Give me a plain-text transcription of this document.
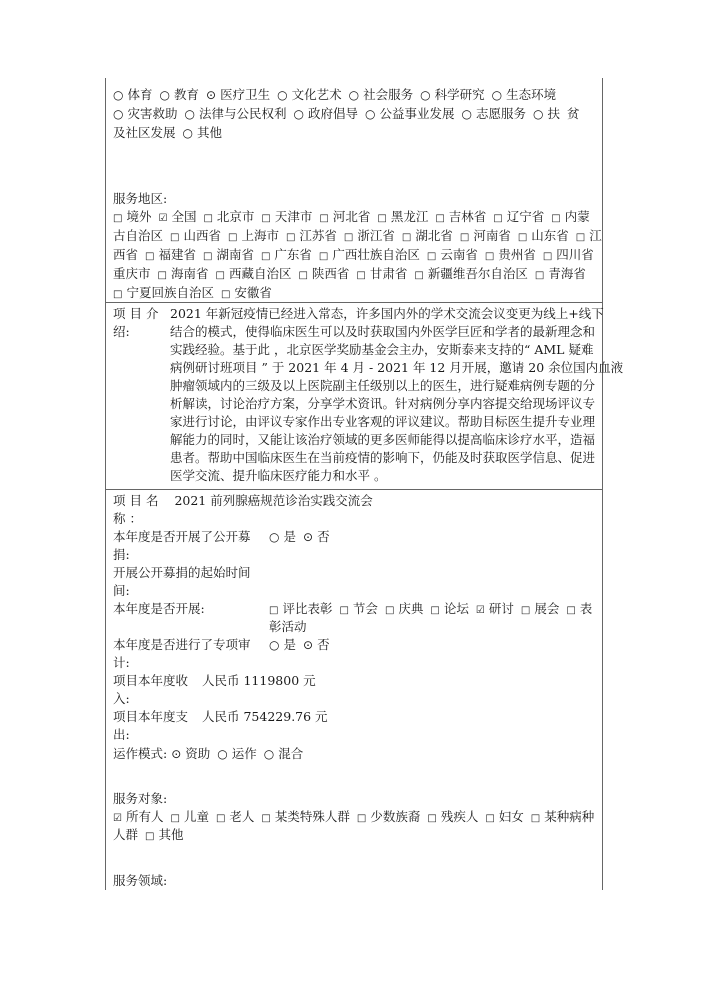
○ 体育 ○ 教育 ⊙ 医疗卫生 ○ 文化艺术 ○ 社会服务 ○ 科学研究 ○ 生态环境
○ 灾害救助 ○ 法律与公民权利 ○ 政府倡导 ○ 公益事业发展 ○ 志愿服务 ○ 扶 贫
及社区发展 ○ 其他
服务地区:
□ 境外 ☑ 全国 □ 北京市 □ 天津市 □ 河北省 □ 黑龙江 □ 吉林省 □ 辽宁省 □ 内蒙
古自治区 □ 山西省 □ 上海市 □ 江苏省 □ 浙江省 □ 湖北省 □ 河南省 □ 山东省 □ 江
西省 □ 福建省 □ 湖南省 □ 广东省 □ 广西壮族自治区 □ 云南省 □ 贵州省 □ 四川省
重庆市 □ 海南省 □ 西藏自治区 □ 陕西省 □ 甘肃省 □ 新疆维吾尔自治区 □ 青海省
□ 宁夏回族自治区 □ 安徽省
项 目 介
绍:
2021 年新冠疫情已经进入常态，许多国内外的学术交流会议变更为线上+线下
结合的模式，使得临床医生可以及时获取国内外医学巨匠和学者的最新理念和
实践经验。基于此 ，北京医学奖励基金会主办，安斯泰来支持的“ AML 疑难
病例研讨班项目 ” 于 2021 年 4 月 - 2021 年 12 月开展，邀请 20 余位国内血液
肿瘤领域内的三级及以上医院副主任级别以上的医生，进行疑难病例专题的分
析解读，讨论治疗方案，分享学术资讯。针对病例分享内容提交给现场评议专
家进行讨论，由评议专家作出专业客观的评议建议。帮助目标医生提升专业理
解能力的同时，又能让该治疗领域的更多医师能得以提高临床诊疗水平，造福
患者。帮助中国临床医生在当前疫情的影响下，仍能及时获取医学信息、促进
医学交流、提升临床医疗能力和水平 。
项 目 名 2021 前列腺癌规范诊治实践交流会
称 ：
本年度是否开展了公开募 ○ 是 ⊙ 否
捐:
开展公开募捐的起始时间
间:
本年度是否开展:	□ 评比表彰 □ 节会 □ 庆典 □ 论坛 ☑ 研讨 □ 展会 □ 表
彰活动
本年度是否进行了专项审 ○ 是 ⊙ 否
计:
项目本年度收 人民币 1119800 元
入:
项目本年度支 人民币 754229.76 元
出:
运作模式: ⊙ 资助 ○ 运作 ○ 混合
服务对象:
☑ 所有人 □ 儿童 □ 老人 □ 某类特殊人群 □ 少数族裔 □ 残疾人 □ 妇女 □ 某种病种
人群 □ 其他
服务领域:
